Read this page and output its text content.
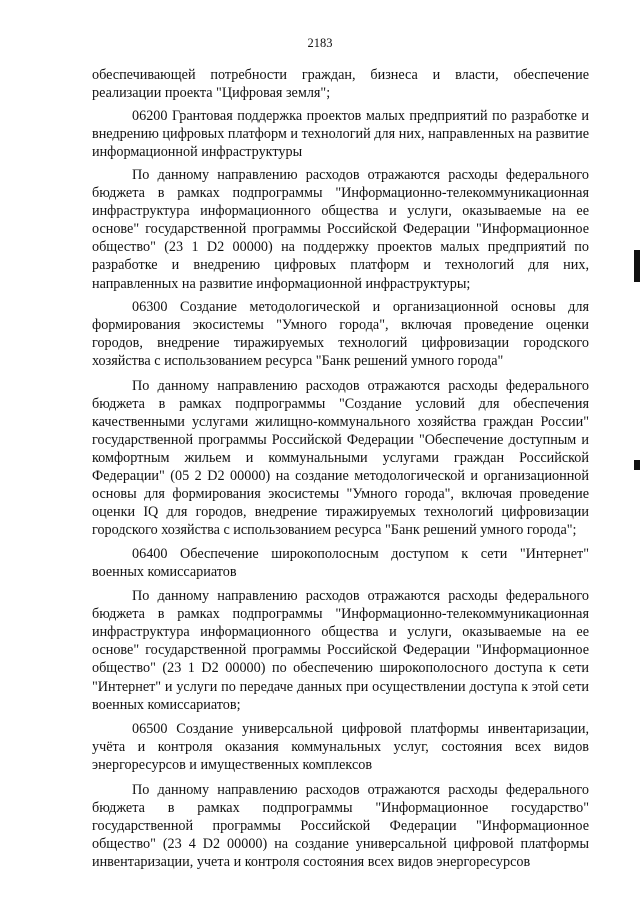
2183

обеспечивающей потребности граждан, бизнеса и власти, обеспечение реализации проекта "Цифровая земля";

06200 Грантовая поддержка проектов малых предприятий по разработке и внедрению цифровых платформ и технологий для них, направленных на развитие информационной инфраструктуры

По данному направлению расходов отражаются расходы федерального бюджета в рамках подпрограммы "Информационно-телекоммуникационная инфраструктура информационного общества и услуги, оказываемые на ее основе" государственной программы Российской Федерации "Информационное общество" (23 1 D2 00000) на поддержку проектов малых предприятий по разработке и внедрению цифровых платформ и технологий для них, направленных на развитие информационной инфраструктуры;

06300 Создание методологической и организационной основы для формирования экосистемы "Умного города", включая проведение оценки городов, внедрение тиражируемых технологий цифровизации городского хозяйства с использованием ресурса "Банк решений умного города"

По данному направлению расходов отражаются расходы федерального бюджета в рамках подпрограммы "Создание условий для обеспечения качественными услугами жилищно-коммунального хозяйства граждан России" государственной программы Российской Федерации "Обеспечение доступным и комфортным жильем и коммунальными услугами граждан Российской Федерации" (05 2 D2 00000) на создание методологической и организационной основы для формирования экосистемы "Умного города", включая проведение оценки IQ для городов, внедрение тиражируемых технологий цифровизации городского хозяйства с использованием ресурса "Банк решений умного города";

06400 Обеспечение широкополосным доступом к сети "Интернет" военных комиссариатов

По данному направлению расходов отражаются расходы федерального бюджета в рамках подпрограммы "Информационно-телекоммуникационная инфраструктура информационного общества и услуги, оказываемые на ее основе" государственной программы Российской Федерации "Информационное общество" (23 1 D2 00000) по обеспечению широкополосного доступа к сети "Интернет" и услуги по передаче данных при осуществлении доступа к этой сети военных комиссариатов;

06500 Создание универсальной цифровой платформы инвентаризации, учёта и контроля оказания коммунальных услуг, состояния всех видов энергоресурсов и имущественных комплексов

По данному направлению расходов отражаются расходы федерального бюджета в рамках подпрограммы "Информационное государство" государственной программы Российской Федерации "Информационное общество" (23 4 D2 00000) на создание универсальной цифровой платформы инвентаризации, учета и контроля состояния всех видов энергоресурсов
